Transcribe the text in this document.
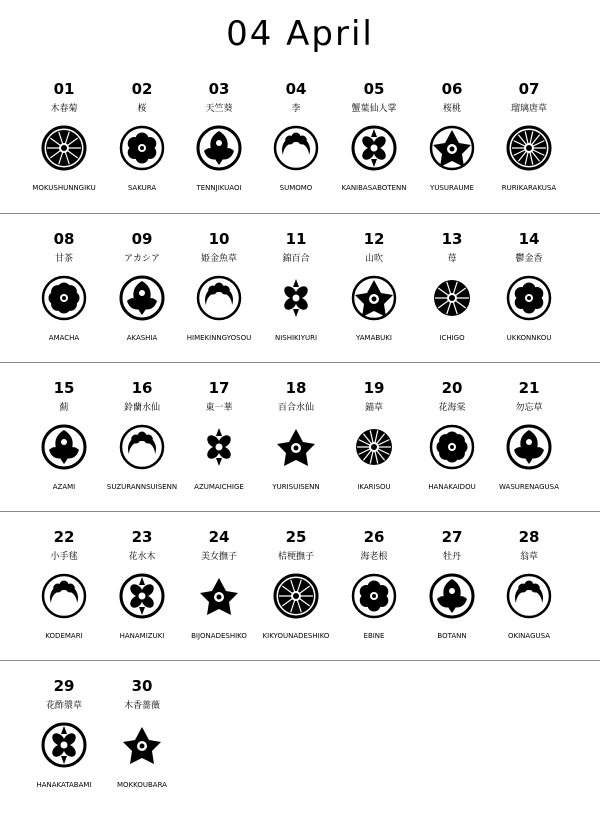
04 April
01
木春菊
MOKUSHUNNGIKU
02
桜
SAKURA
03
天竺葵
TENNJIKUAOI
04
李
SUMOMO
05
蟹葉仙人掌
KANIBASABOTENN
06
桜桃
YUSURAUME
07
瑠璃唐草
RURIKARAKUSA
08
甘茶
AMACHA
09
アカシア
AKASHIA
10
姫金魚草
HIMEKINNGYOSOU
11
錦百合
NISHIKIYURI
12
山吹
YAMABUKI
13
苺
ICHIGO
14
鬱金香
UKKONNKOU
15
薊
AZAMI
16
鈴蘭水仙
SUZURANNSUISENN
17
東一華
AZUMAICHIGE
18
百合水仙
YURISUISENN
19
錨草
IKARISOU
20
花海棠
HANAKAIDOU
21
勿忘草
WASURENAGUSA
22
小手毬
KODEMARI
23
花水木
HANAMIZUKI
24
美女撫子
BIJONADESHIKO
25
桔梗撫子
KIKYOUNADESHIKO
26
海老根
EBINE
27
牡丹
BOTANN
28
翁草
OKINAGUSA
29
花酢漿草
HANAKATABAMI
30
木香薔薇
MOKKOUBARA
